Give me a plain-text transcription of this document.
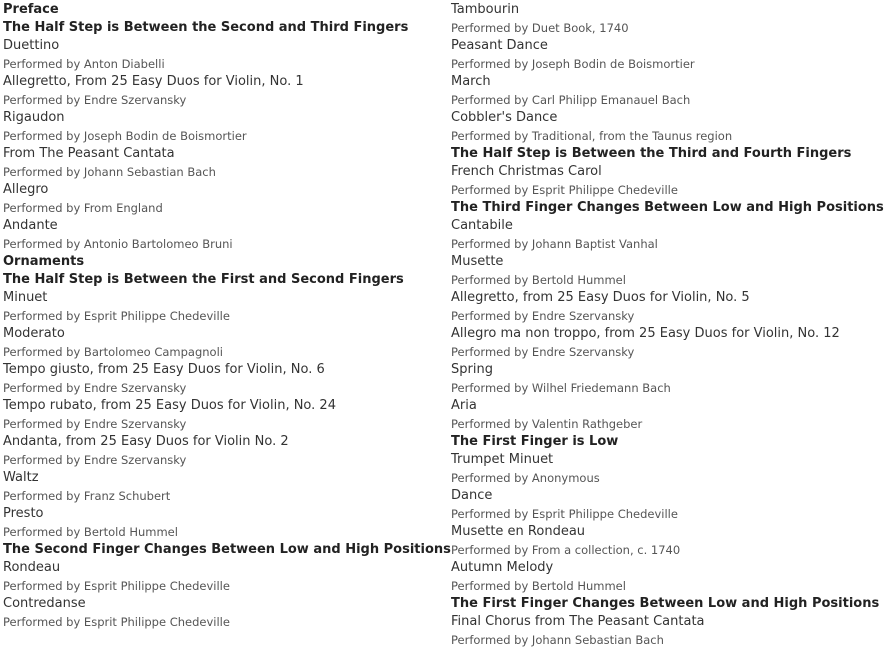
Preface
The Half Step is Between the Second and Third Fingers
Duettino
Performed by Anton Diabelli
Allegretto, From 25 Easy Duos for Violin, No. 1
Performed by Endre Szervansky
Rigaudon
Performed by Joseph Bodin de Boismortier
From The Peasant Cantata
Performed by Johann Sebastian Bach
Allegro
Performed by From England
Andante
Performed by Antonio Bartolomeo Bruni
Ornaments
The Half Step is Between the First and Second Fingers
Minuet
Performed by Esprit Philippe Chedeville
Moderato
Performed by Bartolomeo Campagnoli
Tempo giusto, from 25 Easy Duos for Violin, No. 6
Performed by Endre Szervansky
Tempo rubato, from 25 Easy Duos for Violin, No. 24
Performed by Endre Szervansky
Andanta, from 25 Easy Duos for Violin No. 2
Performed by Endre Szervansky
Waltz
Performed by Franz Schubert
Presto
Performed by Bertold Hummel
The Second Finger Changes Between Low and High Positions
Rondeau
Performed by Esprit Philippe Chedeville
Contredanse
Performed by Esprit Philippe Chedeville
Tambourin
Performed by Duet Book, 1740
Peasant Dance
Performed by Joseph Bodin de Boismortier
March
Performed by Carl Philipp Emanauel Bach
Cobbler's Dance
Performed by Traditional, from the Taunus region
The Half Step is Between the Third and Fourth Fingers
French Christmas Carol
Performed by Esprit Philippe Chedeville
The Third Finger Changes Between Low and High Positions
Cantabile
Performed by Johann Baptist Vanhal
Musette
Performed by Bertold Hummel
Allegretto, from 25 Easy Duos for Violin, No. 5
Performed by Endre Szervansky
Allegro ma non troppo, from 25 Easy Duos for Violin, No. 12
Performed by Endre Szervansky
Spring
Performed by Wilhel Friedemann Bach
Aria
Performed by Valentin Rathgeber
The First Finger is Low
Trumpet Minuet
Performed by Anonymous
Dance
Performed by Esprit Philippe Chedeville
Musette en Rondeau
Performed by From a collection, c. 1740
Autumn Melody
Performed by Bertold Hummel
The First Finger Changes Between Low and High Positions
Final Chorus from The Peasant Cantata
Performed by Johann Sebastian Bach
